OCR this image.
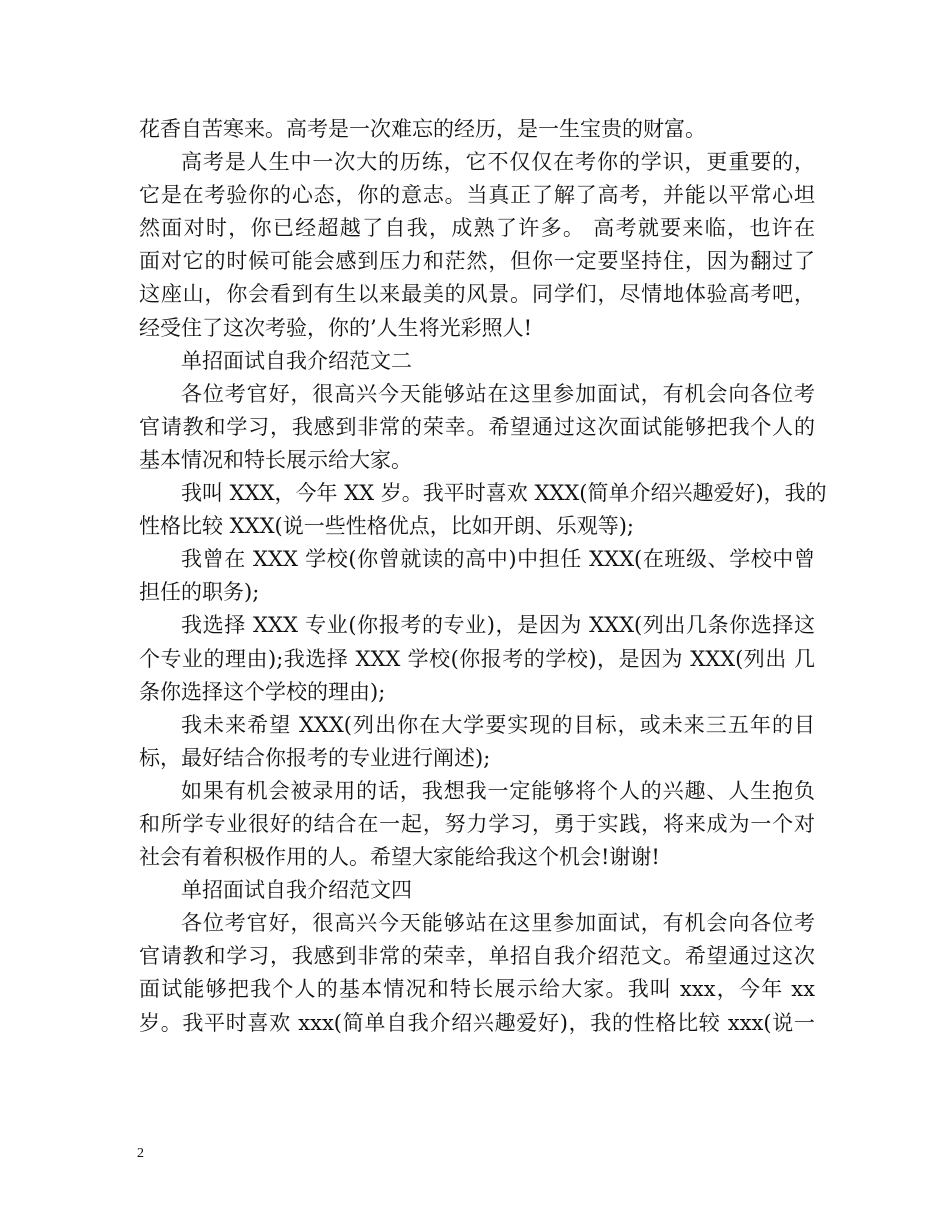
花香自苦寒来。高考是一次难忘的经历，是一生宝贵的财富。
高考是人生中一次大的历练，它不仅仅在考你的学识，更重要的，
它是在考验你的心态，你的意志。当真正了解了高考，并能以平常心坦
然面对时，你已经超越了自我，成熟了许多。 高考就要来临，也许在
面对它的时候可能会感到压力和茫然，但你一定要坚持住，因为翻过了
这座山，你会看到有生以来最美的风景。同学们，尽情地体验高考吧，
经受住了这次考验，你的’人生将光彩照人!
单招面试自我介绍范文二
各位考官好，很高兴今天能够站在这里参加面试，有机会向各位考
官请教和学习，我感到非常的荣幸。希望通过这次面试能够把我个人的
基本情况和特长展示给大家。
我叫 XXX，今年 XX 岁。我平时喜欢 XXX(简单介绍兴趣爱好)，我的
性格比较 XXX(说一些性格优点，比如开朗、乐观等);
我曾在 XXX 学校(你曾就读的高中)中担任 XXX(在班级、学校中曾
担任的职务);
我选择 XXX 专业(你报考的专业)，是因为 XXX(列出几条你选择这
个专业的理由);我选择 XXX 学校(你报考的学校)，是因为 XXX(列出 几
条你选择这个学校的理由);
我未来希望 XXX(列出你在大学要实现的目标，或未来三五年的目
标，最好结合你报考的专业进行阐述);
如果有机会被录用的话，我想我一定能够将个人的兴趣、人生抱负
和所学专业很好的结合在一起，努力学习，勇于实践，将来成为一个对
社会有着积极作用的人。希望大家能给我这个机会!谢谢!
单招面试自我介绍范文四
各位考官好，很高兴今天能够站在这里参加面试，有机会向各位考
官请教和学习，我感到非常的荣幸，单招自我介绍范文。希望通过这次
面试能够把我个人的基本情况和特长展示给大家。我叫 xxx，今年 xx
岁。我平时喜欢 xxx(简单自我介绍兴趣爱好)，我的性格比较 xxx(说一
2
